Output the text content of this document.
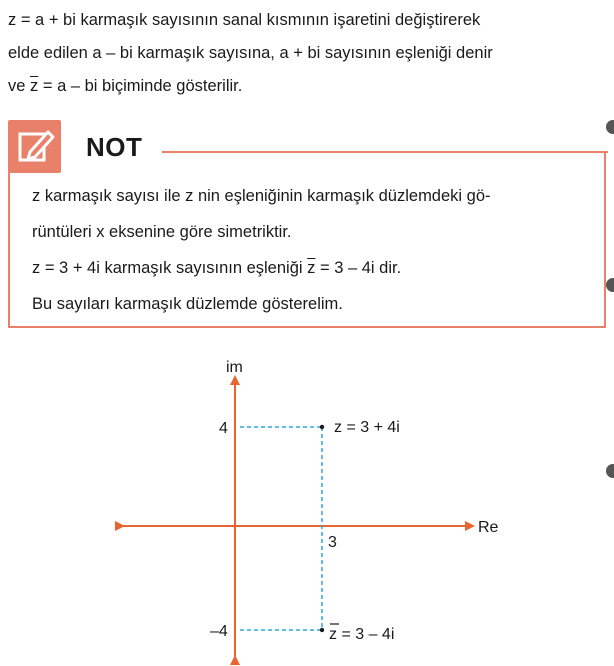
z = a + bi karmaşık sayısının sanal kısmının işaretini değiştirerek

elde edilen a – bi karmaşık sayısına, a + bi sayısının eşleniği denir

ve $\overline{z} = a$ – bi biçiminde gösterilir.

NOT

z karmaşık sayısı ile z nin eşleniğinin karmaşık düzlemdeki gö-

rüntüleri x eksenine göre simetriktir.

z = 3 + 4i karmaşık sayısının eşleniği $\overline{z} = 3 - 4i$ dir.

Bu sayıları karmaşık düzlemde gösterelim.

im
Re
4
–4
3
z = 3 + 4i
z = 3 – 4i
